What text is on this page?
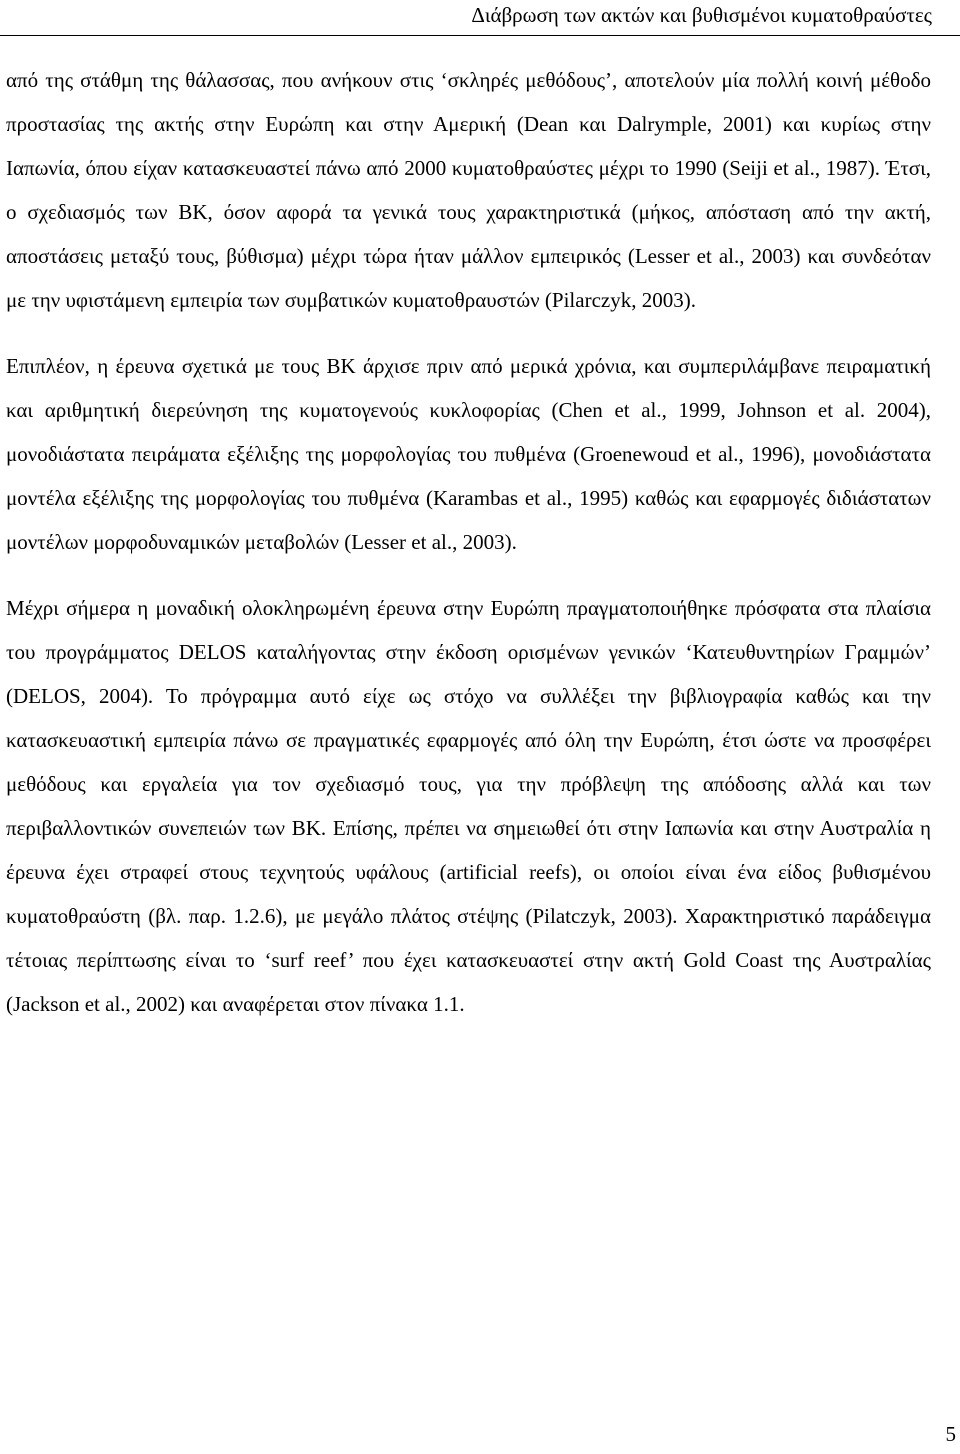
Διάβρωση των ακτών και βυθισμένοι κυματοθραύστες

από της στάθμη της θάλασσας, που ανήκουν στις ‘σκληρές μεθόδους’, αποτελούν μία πολλή κοινή μέθοδο προστασίας της ακτής στην Ευρώπη και στην Αμερική (Dean και Dalrymple, 2001) και κυρίως στην Ιαπωνία, όπου είχαν κατασκευαστεί πάνω από 2000 κυματοθραύστες μέχρι το 1990 (Seiji et al., 1987). Έτσι, ο σχεδιασμός των ΒΚ, όσον αφορά τα γενικά τους χαρακτηριστικά (μήκος, απόσταση από την ακτή, αποστάσεις μεταξύ τους, βύθισμα) μέχρι τώρα ήταν μάλλον εμπειρικός (Lesser et al., 2003) και συνδεόταν με την υφιστάμενη εμπειρία των συμβατικών κυματοθραυστών (Pilarczyk, 2003).

Επιπλέον, η έρευνα σχετικά με τους ΒΚ άρχισε πριν από μερικά χρόνια, και συμπεριλάμβανε πειραματική και αριθμητική διερεύνηση της κυματογενούς κυκλοφορίας (Chen et al., 1999, Johnson et al. 2004), μονοδιάστατα πειράματα εξέλιξης της μορφολογίας του πυθμένα (Groenewoud et al., 1996), μονοδιάστατα μοντέλα εξέλιξης της μορφολογίας του πυθμένα (Karambas et al., 1995) καθώς και εφαρμογές διδιάστατων μοντέλων μορφοδυναμικών μεταβολών (Lesser et al., 2003).

Μέχρι σήμερα η μοναδική ολοκληρωμένη έρευνα στην Ευρώπη πραγματοποιήθηκε πρόσφατα στα πλαίσια του προγράμματος DELOS καταλήγοντας στην έκδοση ορισμένων γενικών ‘Κατευθυντηρίων Γραμμών’ (DELOS, 2004). Το πρόγραμμα αυτό είχε ως στόχο να συλλέξει την βιβλιογραφία καθώς και την κατασκευαστική εμπειρία πάνω σε πραγματικές εφαρμογές από όλη την Ευρώπη, έτσι ώστε να προσφέρει μεθόδους και εργαλεία για τον σχεδιασμό τους, για την πρόβλεψη της απόδοσης αλλά και των περιβαλλοντικών συνεπειών των ΒΚ. Επίσης, πρέπει να σημειωθεί ότι στην Ιαπωνία και στην Αυστραλία η έρευνα έχει στραφεί στους τεχνητούς υφάλους (artificial reefs), οι οποίοι είναι ένα είδος βυθισμένου κυματοθραύστη (βλ. παρ. 1.2.6), με μεγάλο πλάτος στέψης (Pilatczyk, 2003). Χαρακτηριστικό παράδειγμα τέτοιας περίπτωσης είναι το ‘surf reef’ που έχει κατασκευαστεί στην ακτή Gold Coast της Αυστραλίας (Jackson et al., 2002) και αναφέρεται στον πίνακα 1.1.

5
